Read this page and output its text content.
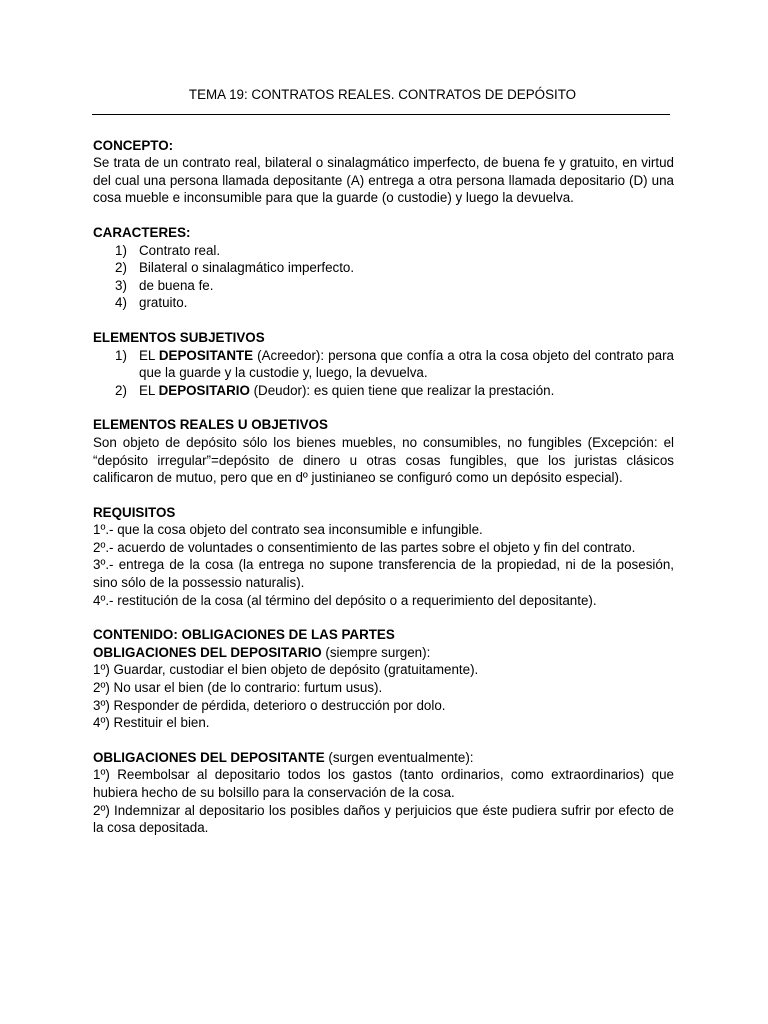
TEMA 19: CONTRATOS REALES. CONTRATOS DE DEPÓSITO
CONCEPTO:

Se trata de un contrato real, bilateral o sinalagmático imperfecto, de buena fe y gratuito, en virtud del cual una persona llamada depositante (A) entrega a otra persona llamada depositario (D) una cosa mueble e inconsumible para que la guarde (o custodie) y luego la devuelva.

CARACTERES:
1) Contrato real.
2) Bilateral o sinalagmático imperfecto.
3) de buena fe.
4) gratuito.
ELEMENTOS SUBJETIVOS
1) EL DEPOSITANTE (Acreedor): persona que confía a otra la cosa objeto del contrato para que la guarde y la custodie y, luego, la devuelva.
2) EL DEPOSITARIO (Deudor): es quien tiene que realizar la prestación.
ELEMENTOS REALES U OBJETIVOS

Son objeto de depósito sólo los bienes muebles, no consumibles, no fungibles (Excepción: el “depósito irregular”=depósito de dinero u otras cosas fungibles, que los juristas clásicos calificaron de mutuo, pero que en dº justinianeo se configuró como un depósito especial).

REQUISITOS
1º.- que la cosa objeto del contrato sea inconsumible e infungible.
2º.- acuerdo de voluntades o consentimiento de las partes sobre el objeto y fin del contrato.
3º.- entrega de la cosa (la entrega no supone transferencia de la propiedad, ni de la posesión, sino sólo de la possessio naturalis).
4º.- restitución de la cosa (al término del depósito o a requerimiento del depositante).
CONTENIDO: OBLIGACIONES DE LAS PARTES
OBLIGACIONES DEL DEPOSITARIO (siempre surgen):
1º) Guardar, custodiar el bien objeto de depósito (gratuitamente).
2º) No usar el bien (de lo contrario: furtum usus).
3º) Responder de pérdida, deterioro o destrucción por dolo.
4º) Restituir el bien.
OBLIGACIONES DEL DEPOSITANTE (surgen eventualmente):
1º) Reembolsar al depositario todos los gastos (tanto ordinarios, como extraordinarios) que hubiera hecho de su bolsillo para la conservación de la cosa.
2º) Indemnizar al depositario los posibles daños y perjuicios que éste pudiera sufrir por efecto de la cosa depositada.
